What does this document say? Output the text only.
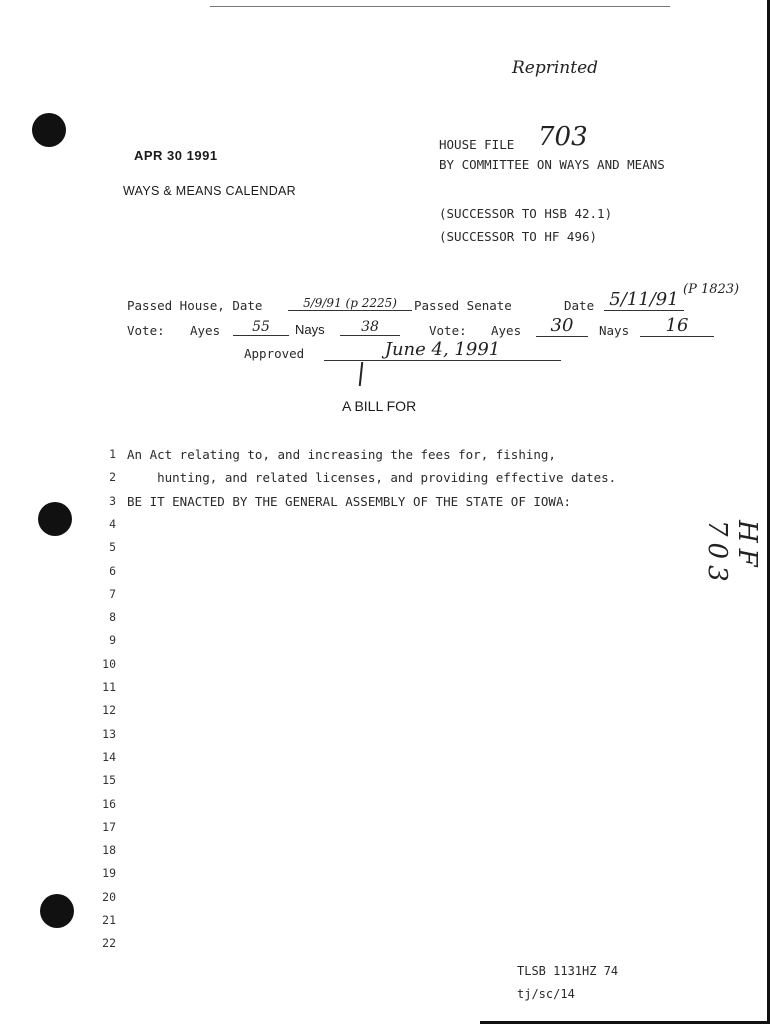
Reprinted
APR 30 1991
WAYS & MEANS CALENDAR
HOUSE FILE 703
BY COMMITTEE ON WAYS AND MEANS
(SUCCESSOR TO HSB 42.1)
(SUCCESSOR TO HF 496)
Passed House, Date	5/9/91 (p 2225)	Passed Senate	Date 5/11/91 (P 1823)
Vote: Ayes	55	Nays	38	Vote: Ayes	30	Nays	16
Approved	June 4, 1991
A BILL FOR
1 An Act relating to, and increasing the fees for, fishing,
2 hunting, and related licenses, and providing effective dates.
3 BE IT ENACTED BY THE GENERAL ASSEMBLY OF THE STATE OF IOWA:
4
5
6
7
8
9
10
11
12
13
14
15
16
17
18
19
20
21
22
HF 703
TLSB 1131HZ 74
tj/sc/14
